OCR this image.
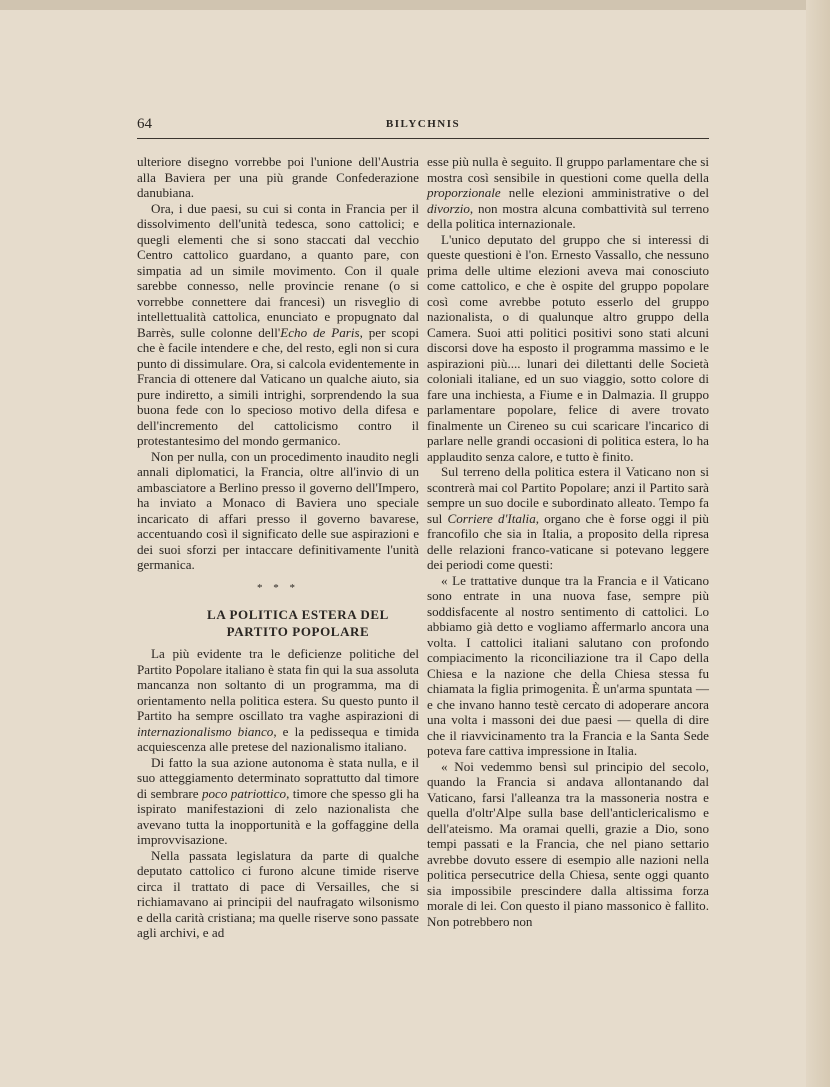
64	BILYCHNIS

ulteriore disegno vorrebbe poi l'unione dell'Austria alla Baviera per una più grande Confederazione danubiana.

Ora, i due paesi, su cui si conta in Francia per il dissolvimento dell'unità tedesca, sono cattolici; e quegli elementi che si sono staccati dal vecchio Centro cattolico guardano, a quanto pare, con simpatia ad un simile movimento. Con il quale sarebbe connesso, nelle provincie renane (o si vorrebbe connettere dai francesi) un risveglio di intellettualità cattolica, enunciato e propugnato dal Barrès, sulle colonne dell'Echo de Paris, per scopi che è facile intendere e che, del resto, egli non si cura punto di dissimulare. Ora, si calcola evidentemente in Francia di ottenere dal Vaticano un qualche aiuto, sia pure indiretto, a simili intrighi, sorprendendo la sua buona fede con lo specioso motivo della difesa e dell'incremento del cattolicismo contro il protestantesimo del mondo germanico.

Non per nulla, con un procedimento inaudito negli annali diplomatici, la Francia, oltre all'invio di un ambasciatore a Berlino presso il governo dell'Impero, ha inviato a Monaco di Baviera uno speciale incaricato di affari presso il governo bavarese, accentuando così il significato delle sue aspirazioni e dei suoi sforzi per intaccare definitivamente l'unità germanica.

* * *
LA POLITICA ESTERA DEL
PARTITO POPOLARE

La più evidente tra le deficienze politiche del Partito Popolare italiano è stata fin qui la sua assoluta mancanza non soltanto di un programma, ma di orientamento nella politica estera. Su questo punto il Partito ha sempre oscillato tra vaghe aspirazioni di internazionalismo bianco, e la pedissequa e timida acquiescenza alle pretese del nazionalismo italiano.

Di fatto la sua azione autonoma è stata nulla, e il suo atteggiamento determinato soprattutto dal timore di sembrare poco patriottico, timore che spesso gli ha ispirato manifestazioni di zelo nazionalista che avevano tutta la inopportunità e la goffaggine della improvvisazione.

Nella passata legislatura da parte di qualche deputato cattolico ci furono alcune timide riserve circa il trattato di pace di Versailles, che si richiamavano ai principii del naufragato wilsonismo e della carità cristiana; ma quelle riserve sono passate agli archivi, e ad

esse più nulla è seguito. Il gruppo parlamentare che si mostra così sensibile in questioni come quella della proporzionale nelle elezioni amministrative o del divorzio, non mostra alcuna combattività sul terreno della politica internazionale.

L'unico deputato del gruppo che si interessi di queste questioni è l'on. Ernesto Vassallo, che nessuno prima delle ultime elezioni aveva mai conosciuto come cattolico, e che è ospite del gruppo popolare così come avrebbe potuto esserlo del gruppo nazionalista, o di qualunque altro gruppo della Camera. Suoi atti politici positivi sono stati alcuni discorsi dove ha esposto il programma massimo e le aspirazioni più.... lunari dei dilettanti delle Società coloniali italiane, ed un suo viaggio, sotto colore di fare una inchiesta, a Fiume e in Dalmazia. Il gruppo parlamentare popolare, felice di avere trovato finalmente un Cireneo su cui scaricare l'incarico di parlare nelle grandi occasioni di politica estera, lo ha applaudito senza calore, e tutto è finito.

Sul terreno della politica estera il Vaticano non si scontrerà mai col Partito Popolare; anzi il Partito sarà sempre un suo docile e subordinato alleato. Tempo fa sul Corriere d'Italia, organo che è forse oggi il più francofilo che sia in Italia, a proposito della ripresa delle relazioni franco-vaticane si potevano leggere dei periodi come questi:

« Le trattative dunque tra la Francia e il Vaticano sono entrate in una nuova fase, sempre più soddisfacente al nostro sentimento di cattolici. Lo abbiamo già detto e vogliamo affermarlo ancora una volta. I cattolici italiani salutano con profondo compiacimento la riconciliazione tra il Capo della Chiesa e la nazione che della Chiesa stessa fu chiamata la figlia primogenita. È un'arma spuntata — e che invano hanno testè cercato di adoperare ancora una volta i massoni dei due paesi — quella di dire che il riavvicinamento tra la Francia e la Santa Sede poteva fare cattiva impressione in Italia.

« Noi vedemmo bensì sul principio del secolo, quando la Francia si andava allontanando dal Vaticano, farsi l'alleanza tra la massoneria nostra e quella d'oltr'Alpe sulla base dell'anticlericalismo e dell'ateismo. Ma oramai quelli, grazie a Dio, sono tempi passati e la Francia, che nel piano settario avrebbe dovuto essere di esempio alle nazioni nella politica persecutrice della Chiesa, sente oggi quanto sia impossibile prescindere dalla altissima forza morale di lei. Con questo il piano massonico è fallito. Non potrebbero non
